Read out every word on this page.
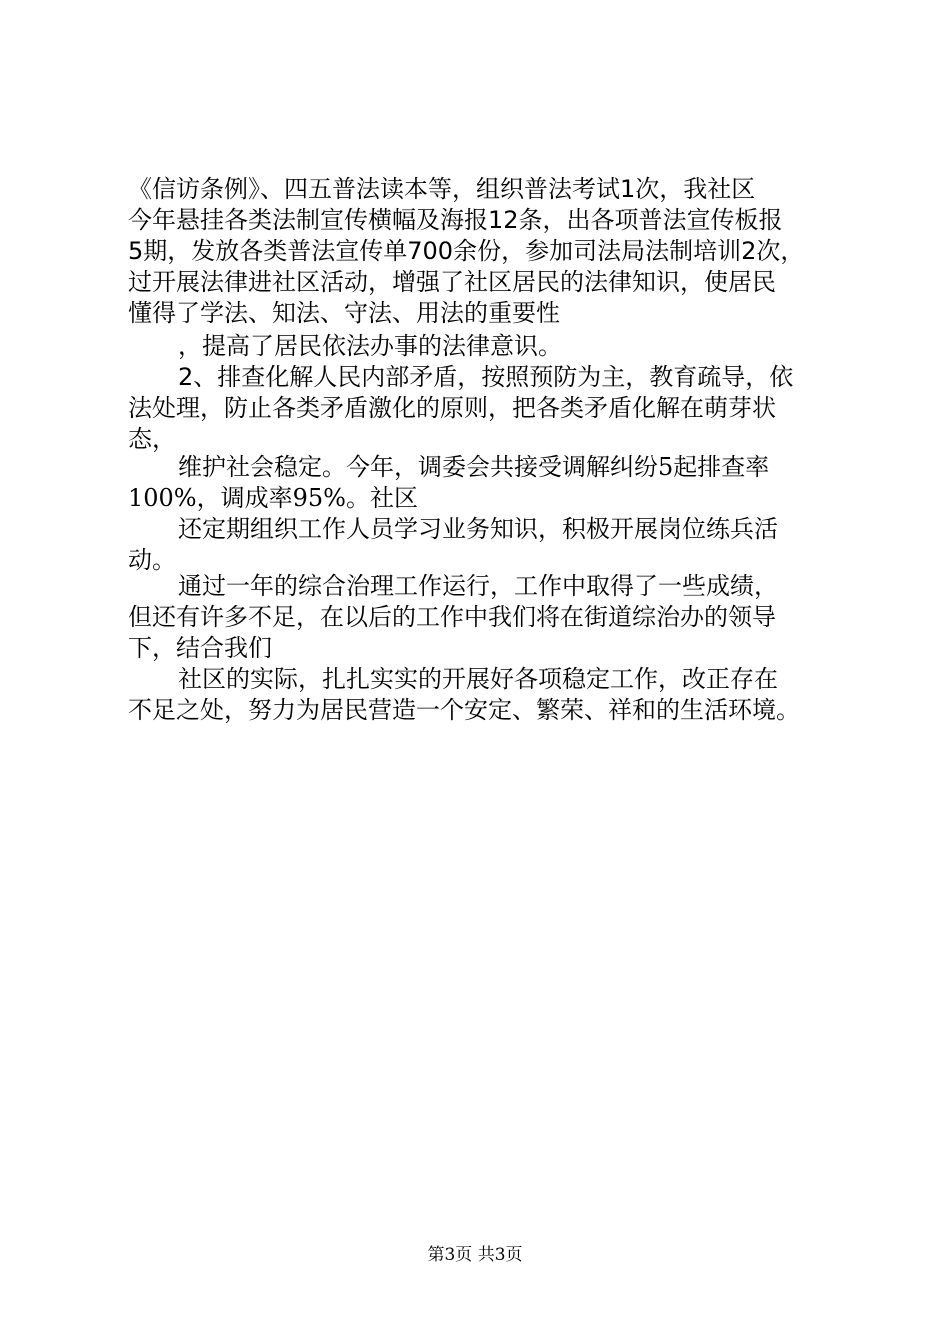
《信访条例》、四五普法读本等，组织普法考试1次，我社区
今年悬挂各类法制宣传横幅及海报12条，出各项普法宣传板报
5期，发放各类普法宣传单700余份，参加司法局法制培训2次，
过开展法律进社区活动，增强了社区居民的法律知识，使居民
懂得了学法、知法、守法、用法的重要性
，提高了居民依法办事的法律意识。
2、排查化解人民内部矛盾，按照预防为主，教育疏导，依
法处理，防止各类矛盾激化的原则，把各类矛盾化解在萌芽状
态，
维护社会稳定。今年，调委会共接受调解纠纷5起排查率
100%，调成率95%。社区
还定期组织工作人员学习业务知识，积极开展岗位练兵活
动。
通过一年的综合治理工作运行，工作中取得了一些成绩，
但还有许多不足，在以后的工作中我们将在街道综治办的领导
下，结合我们
社区的实际，扎扎实实的开展好各项稳定工作，改正存在
不足之处，努力为居民营造一个安定、繁荣、祥和的生活环境。
第3页 共3页
